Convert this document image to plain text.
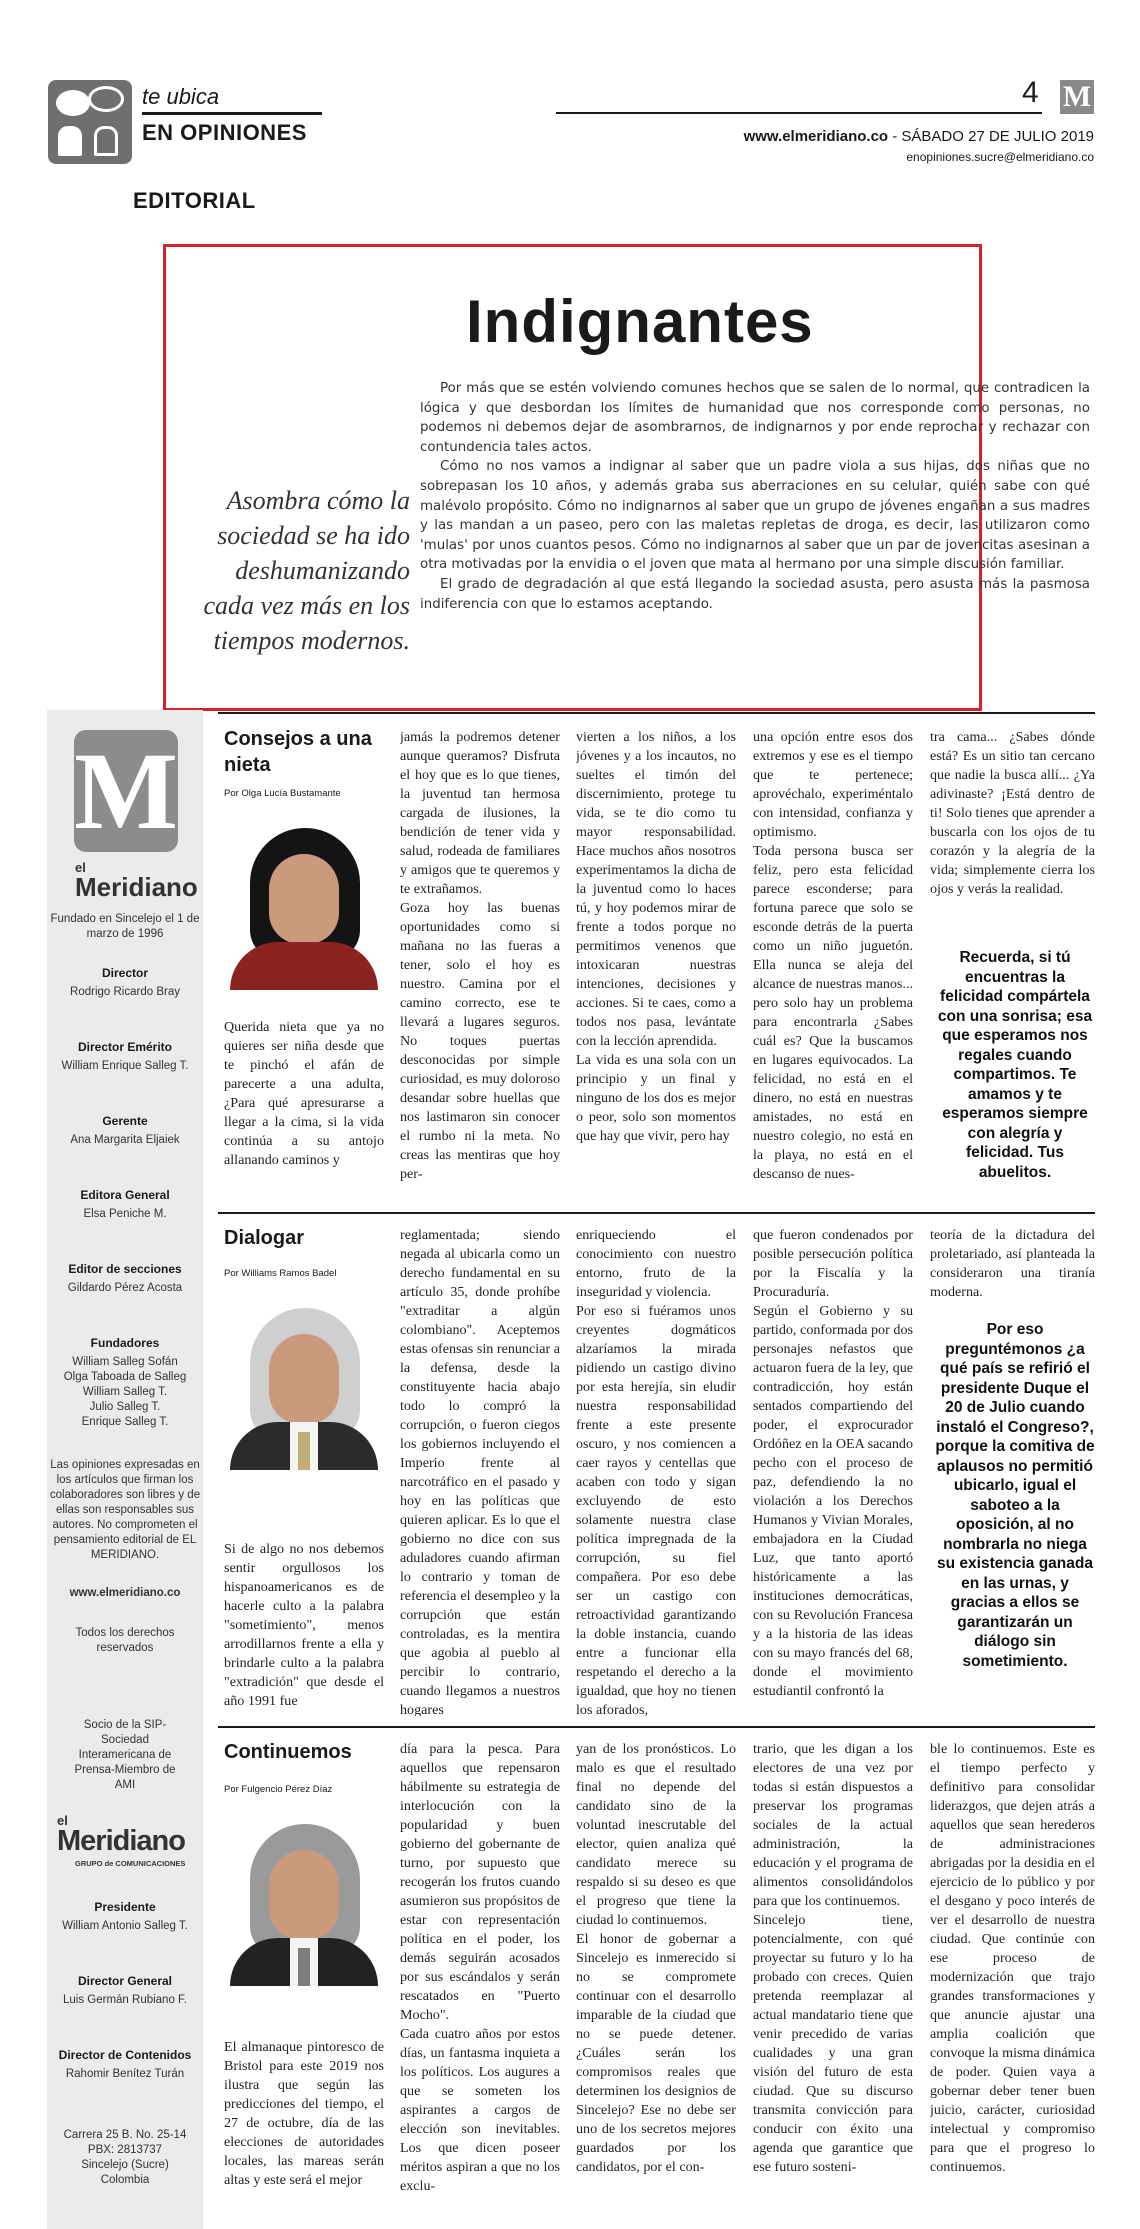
te ubica
EN OPINIONES
4 M
www.elmeridiano.co - SÁBADO 27 DE JULIO 2019
enopiniones.sucre@elmeridiano.co
EDITORIAL
Indignantes
Asombra cómo la sociedad se ha ido deshumanizando cada vez más en los tiempos modernos.

Por más que se estén volviendo comunes hechos que se salen de lo normal, que contradicen la lógica y que desbordan los límites de humanidad que nos corresponde como personas, no podemos ni debemos dejar de asombrarnos, de indignarnos y por ende reprochar y rechazar con contundencia tales actos.

Cómo no nos vamos a indignar al saber que un padre viola a sus hijas, dos niñas que no sobrepasan los 10 años, y además graba sus aberraciones en su celular, quién sabe con qué malévolo propósito. Cómo no indignarnos al saber que un grupo de jóvenes engañan a sus madres y las mandan a un paseo, pero con las maletas repletas de droga, es decir, las utilizaron como 'mulas' por unos cuantos pesos. Cómo no indignarnos al saber que un par de jovencitas asesinan a otra motivadas por la envidia o el joven que mata al hermano por una simple discusión familiar.

El grado de degradación al que está llegando la sociedad asusta, pero asusta más la pasmosa indiferencia con que lo estamos aceptando.

M
el
Meridiano
Fundado en Sincelejo el 1 de marzo de 1996
Director
Rodrigo Ricardo Bray
Director Emérito
William Enrique Salleg T.
Gerente
Ana Margarita Eljaiek
Editora General
Elsa Peniche M.
Editor de secciones
Gildardo Pérez Acosta
Fundadores
William Salleg Sofán
Olga Taboada de Salleg
William Salleg T.
Julio Salleg T.
Enrique Salleg T.
Las opiniones expresadas en los artículos que firman los colaboradores son libres y de ellas son responsables sus autores. No comprometen el pensamiento editorial de EL MERIDIANO.
www.elmeridiano.co
Todos los derechos reservados
Socio de la SIP-Sociedad Interamericana de Prensa-Miembro de AMI
el
Meridiano
GRUPO de COMUNICACIONES
Presidente
William Antonio Salleg T.
Director General
Luis Germán Rubiano F.
Director de Contenidos
Rahomir Benítez Turán
Carrera 25 B. No. 25-14
PBX: 2813737
Sincelejo (Sucre)
Colombia
Consejos a una nieta
Por Olga Lucía Bustamante
Querida nieta que ya no quieres ser niña desde que te pinchó el afán de parecerte a una adulta, ¿Para qué apresurarse a llegar a la cima, si la vida continúa a su antojo allanando caminos y
jamás la podremos detener aunque queramos? Disfruta el hoy que es lo que tienes, la juventud tan hermosa cargada de ilusiones, la bendición de tener vida y salud, rodeada de familiares y amigos que te queremos y te extrañamos.
Goza hoy las buenas oportunidades como si mañana no las fueras a tener, solo el hoy es nuestro. Camina por el camino correcto, ese te llevará a lugares seguros. No toques puertas desconocidas por simple curiosidad, es muy doloroso desandar sobre huellas que nos lastimaron sin conocer el rumbo ni la meta. No creas las mentiras que hoy per-
vierten a los niños, a los jóvenes y a los incautos, no sueltes el timón del discernimiento, protege tu vida, se te dio como tu mayor responsabilidad. Hace muchos años nosotros experimentamos la dicha de la juventud como lo haces tú, y hoy podemos mirar de frente a todos porque no permitimos venenos que intoxicaran nuestras intenciones, decisiones y acciones. Si te caes, como a todos nos pasa, levántate con la lección aprendida.
La vida es una sola con un principio y un final y ninguno de los dos es mejor o peor, solo son momentos que hay que vivir, pero hay
una opción entre esos dos extremos y ese es el tiempo que te pertenece; aprovéchalo, experiméntalo con intensidad, confianza y optimismo.
Toda persona busca ser feliz, pero esta felicidad parece esconderse; para fortuna parece que solo se esconde detrás de la puerta como un niño juguetón. Ella nunca se aleja del alcance de nuestras manos... pero solo hay un problema para encontrarla ¿Sabes cuál es? Que la buscamos en lugares equivocados. La felicidad, no está en el dinero, no está en nuestras amistades, no está en nuestro colegio, no está en la playa, no está en el descanso de nues-
tra cama... ¿Sabes dónde está? Es un sitio tan cercano que nadie la busca allí... ¿Ya adivinaste? ¡Está dentro de ti! Solo tienes que aprender a buscarla con los ojos de tu corazón y la alegría de la vida; simplemente cierra los ojos y verás la realidad.
Recuerda, si tú encuentras la felicidad compártela con una sonrisa; esa que esperamos nos regales cuando compartimos. Te amamos y te esperamos siempre con alegría y felicidad. Tus abuelitos.
Dialogar
Por Williams Ramos Badel
Si de algo no nos debemos sentir orgullosos los hispanoamericanos es de hacerle culto a la palabra "sometimiento", menos arrodillarnos frente a ella y brindarle culto a la palabra "extradición" que desde el año 1991 fue
reglamentada; siendo negada al ubicarla como un derecho fundamental en su artículo 35, donde prohíbe "extraditar a algún colombiano". Aceptemos estas ofensas sin renunciar a la defensa, desde la constituyente hacia abajo todo lo compró la corrupción, o fueron ciegos los gobiernos incluyendo el Imperio frente al narcotráfico en el pasado y hoy en las políticas que quieren aplicar. Es lo que el gobierno no dice con sus aduladores cuando afirman lo contrario y toman de referencia el desempleo y la corrupción que están controladas, es la mentira que agobia al pueblo al percibir lo contrario, cuando llegamos a nuestros hogares
enriqueciendo el conocimiento con nuestro entorno, fruto de la inseguridad y violencia.
Por eso si fuéramos unos creyentes dogmáticos alzaríamos la mirada pidiendo un castigo divino por esta herejía, sin eludir nuestra responsabilidad frente a este presente oscuro, y nos comiencen a caer rayos y centellas que acaben con todo y sigan excluyendo de esto solamente nuestra clase política impregnada de la corrupción, su fiel compañera. Por eso debe ser un castigo con retroactividad garantizando la doble instancia, cuando entre a funcionar ella respetando el derecho a la igualdad, que hoy no tienen los aforados,
que fueron condenados por posible persecución política por la Fiscalía y la Procuraduría.
Según el Gobierno y su partido, conformada por dos personajes nefastos que actuaron fuera de la ley, que contradicción, hoy están sentados compartiendo del poder, el exprocurador Ordóñez en la OEA sacando pecho con el proceso de paz, defendiendo la no violación a los Derechos Humanos y Vivian Morales, embajadora en la Ciudad Luz, que tanto aportó históricamente a las instituciones democráticas, con su Revolución Francesa y a la historia de las ideas con su mayo francés del 68, donde el movimiento estudiantil confrontó la
teoría de la dictadura del proletariado, así planteada la consideraron una tiranía moderna.
Por eso preguntémonos ¿a qué país se refirió el presidente Duque el 20 de Julio cuando instaló el Congreso?, porque la comitiva de aplausos no permitió ubicarlo, igual el saboteo a la oposición, al no nombrarla no niega su existencia ganada en las urnas, y gracias a ellos se garantizarán un diálogo sin sometimiento.
Continuemos
Por Fulgencio Pérez Díaz
El almanaque pintoresco de Bristol para este 2019 nos ilustra que según las predicciones del tiempo, el 27 de octubre, día de las elecciones de autoridades locales, las mareas serán altas y este será el mejor
día para la pesca. Para aquellos que repensaron hábilmente su estrategia de interlocución con la popularidad y buen gobierno del gobernante de turno, por supuesto que recogerán los frutos cuando asumieron sus propósitos de estar con representación política en el poder, los demás seguirán acosados por sus escándalos y serán rescatados en "Puerto Mocho".
Cada cuatro años por estos días, un fantasma inquieta a los políticos. Los augures a que se someten los aspirantes a cargos de elección son inevitables. Los que dicen poseer méritos aspiran a que no los exclu-
yan de los pronósticos. Lo malo es que el resultado final no depende del candidato sino de la voluntad inescrutable del elector, quien analiza qué candidato merece su respaldo si su deseo es que el progreso que tiene la ciudad lo continuemos.
El honor de gobernar a Sincelejo es inmerecido si no se compromete continuar con el desarrollo imparable de la ciudad que no se puede detener. ¿Cuáles serán los compromisos reales que determinen los designios de Sincelejo? Ese no debe ser uno de los secretos mejores guardados por los candidatos, por el con-
trario, que les digan a los electores de una vez por todas si están dispuestos a preservar los programas sociales de la actual administración, la educación y el programa de alimentos consolidándolos para que los continuemos.
Sincelejo tiene, potencialmente, con qué proyectar su futuro y lo ha probado con creces. Quien pretenda reemplazar al actual mandatario tiene que venir precedido de varias cualidades y una gran visión del futuro de esta ciudad. Que su discurso transmita convicción para conducir con éxito una agenda que garantice que ese futuro sosteni-
ble lo continuemos. Este es el tiempo perfecto y definitivo para consolidar liderazgos, que dejen atrás a aquellos que sean herederos de administraciones abrigadas por la desidia en el ejercicio de lo público y por el desgano y poco interés de ver el desarrollo de nuestra ciudad. Que continúe con ese proceso de modernización que trajo grandes transformaciones y que anuncie ajustar una amplia coalición que convoque la misma dinámica de poder. Quien vaya a gobernar deber tener buen juicio, carácter, curiosidad intelectual y compromiso para que el progreso lo continuemos.
